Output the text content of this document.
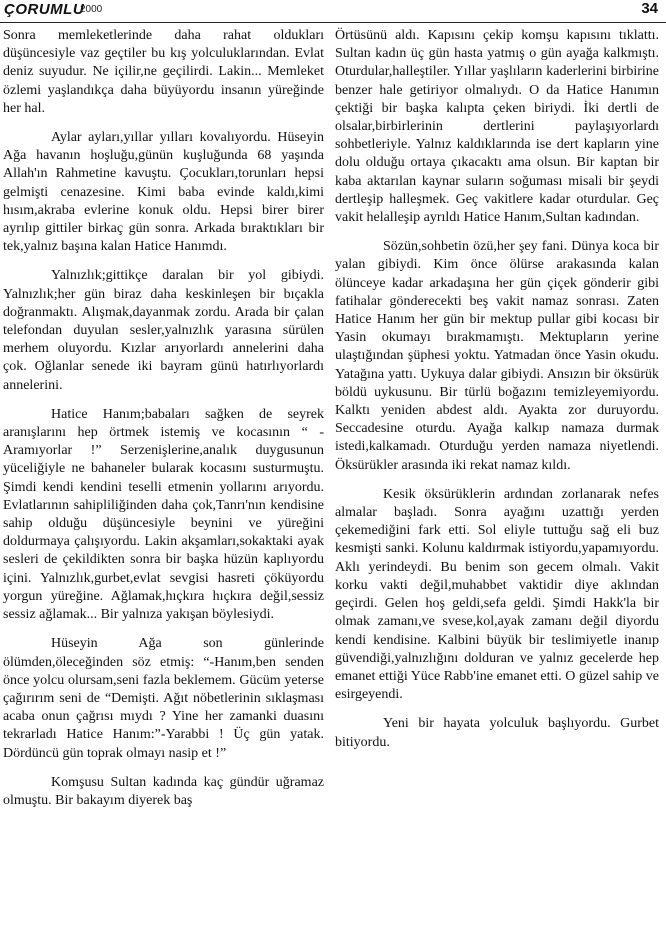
ÇORUMLU
2000	34

Sonra memleketlerinde daha rahat oldukları düşüncesiyle vaz geçtiler bu kış yolculuklarından. Evlat deniz suyudur. Ne içilir,ne geçilirdi. Lakin... Memleket özlemi yaşlandıkça daha büyüyordu insanın yüreğinde her hal.

Aylar ayları,yıllar yılları kovalıyordu. Hüseyin Ağa havanın hoşluğu,günün kuşluğunda 68 yaşında Allah'ın Rahmetine kavuştu. Çocukları,torunları hepsi gelmişti cenazesine. Kimi baba evinde kaldı,kimi hısım,akraba evlerine konuk oldu. Hepsi birer birer ayrılıp gittiler birkaç gün sonra. Arkada bıraktıkları bir tek,yalnız başına kalan Hatice Hanımdı.

Yalnızlık;gittikçe daralan bir yol gibiydi. Yalnızlık;her gün biraz daha keskinleşen bir bıçakla doğranmaktı. Alışmak,dayanmak zordu. Arada bir çalan telefondan duyulan sesler,yalnızlık yarasına sürülen merhem oluyordu. Kızlar arıyorlardı annelerini daha çok. Oğlanlar senede iki bayram günü hatırlıyorlardı annelerini.

Hatice Hanım;babaları sağken de seyrek aranışlarını hep örtmek istemiş ve kocasının “ - Aramıyorlar !” Serzenişlerine,analık duygusunun yüceliğiyle ne bahaneler bularak kocasını susturmuştu. Şimdi kendi kendini teselli etmenin yollarını arıyordu. Evlatlarının sahipliliğinden daha çok,Tanrı'nın kendisine sahip olduğu düşüncesiyle beynini ve yüreğini doldurmaya çalışıyordu. Lakin akşamları,sokaktaki ayak sesleri de çekildikten sonra bir başka hüzün kaplıyordu içini. Yalnızlık,gurbet,evlat sevgisi hasreti çöküyordu yorgun yüreğine. Ağlamak,hıçkıra hıçkıra değil,sessiz sessiz ağlamak... Bir yalnıza yakışan böylesiydi.

Hüseyin Ağa son günlerinde ölümden,öleceğinden söz etmiş: “-Hanım,ben senden önce yolcu olursam,seni fazla beklemem. Gücüm yeterse çağırırım seni de “Demişti. Ağıt nöbetlerinin sıklaşması acaba onun çağrısı mıydı ? Yine her zamanki duasını tekrarladı Hatice Hanım:”-Yarabbi ! Üç gün yatak. Dördüncü gün toprak olmayı nasip et !”

Komşusu Sultan kadında kaç gündür uğramaz olmuştu. Bir bakayım diyerek baş

Örtüsünü aldı. Kapısını çekip komşu kapısını tıklattı. Sultan kadın üç gün hasta yatmış o gün ayağa kalkmıştı. Oturdular,halleştiler. Yıllar yaşlıların kaderlerini birbirine benzer hale getiriyor olmalıydı. O da Hatice Hanımın çektiği bir başka kalıpta çeken biriydi. İki dertli de olsalar,birbirlerinin dertlerini paylaşıyorlardı sohbetleriyle. Yalnız kaldıklarında ise dert kapların yine dolu olduğu ortaya çıkacaktı ama olsun. Bir kaptan bir kaba aktarılan kaynar suların soğuması misali bir şeydi dertleşip halleşmek. Geç vakitlere kadar oturdular. Geç vakit helalleşip ayrıldı Hatice Hanım,Sultan kadından.

Sözün,sohbetin özü,her şey fani. Dünya koca bir yalan gibiydi. Kim önce ölürse arakasında kalan ölünceye kadar arkadaşına her gün çiçek gönderir gibi fatihalar gönderecekti beş vakit namaz sonrası. Zaten Hatice Hanım her gün bir mektup pullar gibi kocası bir Yasin okumayı bırakmamıştı. Mektupların yerine ulaştığından şüphesi yoktu. Yatmadan önce Yasin okudu. Yatağına yattı. Uykuya dalar gibiydi. Ansızın bir öksürük böldü uykusunu. Bir türlü boğazını temizleyemiyordu. Kalktı yeniden abdest aldı. Ayakta zor duruyordu. Seccadesine oturdu. Ayağa kalkıp namaza durmak istedi,kalkamadı. Oturduğu yerden namaza niyetlendi. Öksürükler arasında iki rekat namaz kıldı.

Kesik öksürüklerin ardından zorlanarak nefes almalar başladı. Sonra ayağını uzattığı yerden çekemediğini fark etti. Sol eliyle tuttuğu sağ eli buz kesmişti sanki. Kolunu kaldırmak istiyordu,yapamıyordu. Aklı yerindeydi. Bu benim son gecem olmalı. Vakit korku vakti değil,muhabbet vaktidir diye aklından geçirdi. Gelen hoş geldi,sefa geldi. Şimdi Hakk'la bir olmak zamanı,ve svese,kol,ayak zamanı değil diyordu kendi kendisine. Kalbini büyük bir teslimiyetle inanıp güvendiği,yalnızlığını dolduran ve yalnız gecelerde hep emanet ettiği Yüce Rabb'ine emanet etti. O güzel sahip ve esirgeyendi.

Yeni bir hayata yolculuk başlıyordu. Gurbet bitiyordu.
